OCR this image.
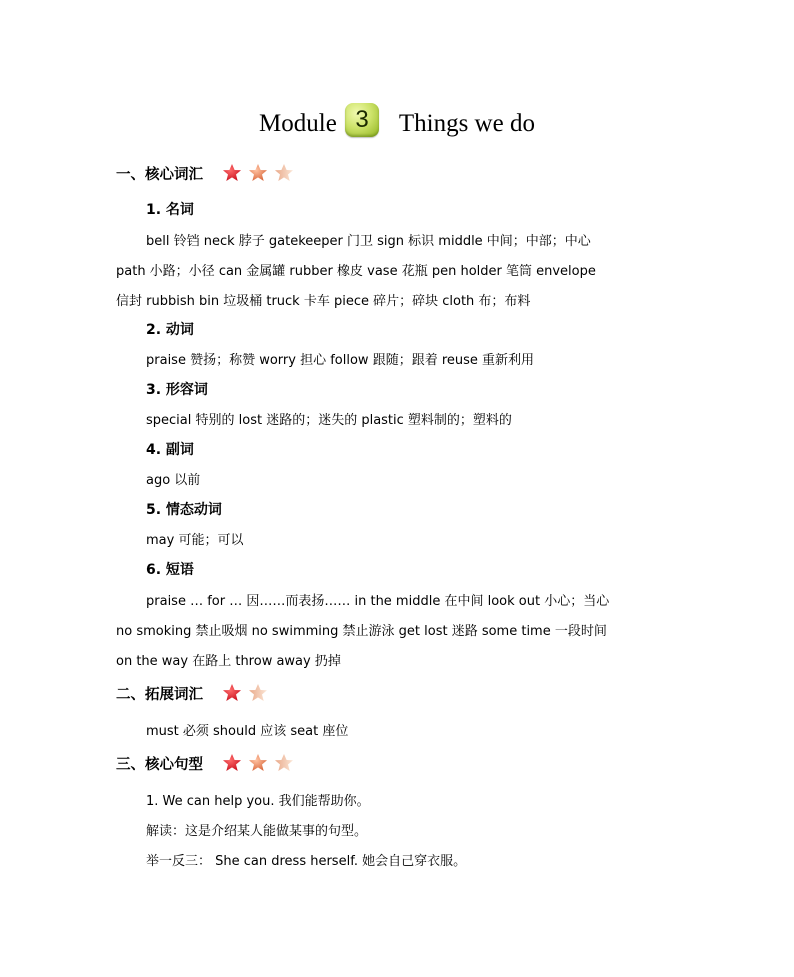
Module 3 Things we do
一、核心词汇
1. 名词
bell 铃铛 neck 脖子 gatekeeper 门卫 sign 标识 middle 中间；中部；中心
path 小路；小径 can 金属罐 rubber 橡皮 vase 花瓶 pen holder 笔筒 envelope
信封 rubbish bin 垃圾桶 truck 卡车 piece 碎片；碎块 cloth 布；布料
2. 动词
praise 赞扬；称赞 worry 担心 follow 跟随；跟着 reuse 重新利用
3. 形容词
special 特别的 lost 迷路的；迷失的 plastic 塑料制的；塑料的
4. 副词
ago 以前
5. 情态动词
may 可能；可以
6. 短语
praise … for … 因……而表扬…… in the middle 在中间 look out 小心；当心
no smoking 禁止吸烟 no swimming 禁止游泳 get lost 迷路 some time 一段时间
on the way 在路上 throw away 扔掉
二、拓展词汇
must 必须 should 应该 seat 座位
三、核心句型
1. We can help you. 我们能帮助你。
解读：这是介绍某人能做某事的句型。
举一反三： She can dress herself. 她会自己穿衣服。
